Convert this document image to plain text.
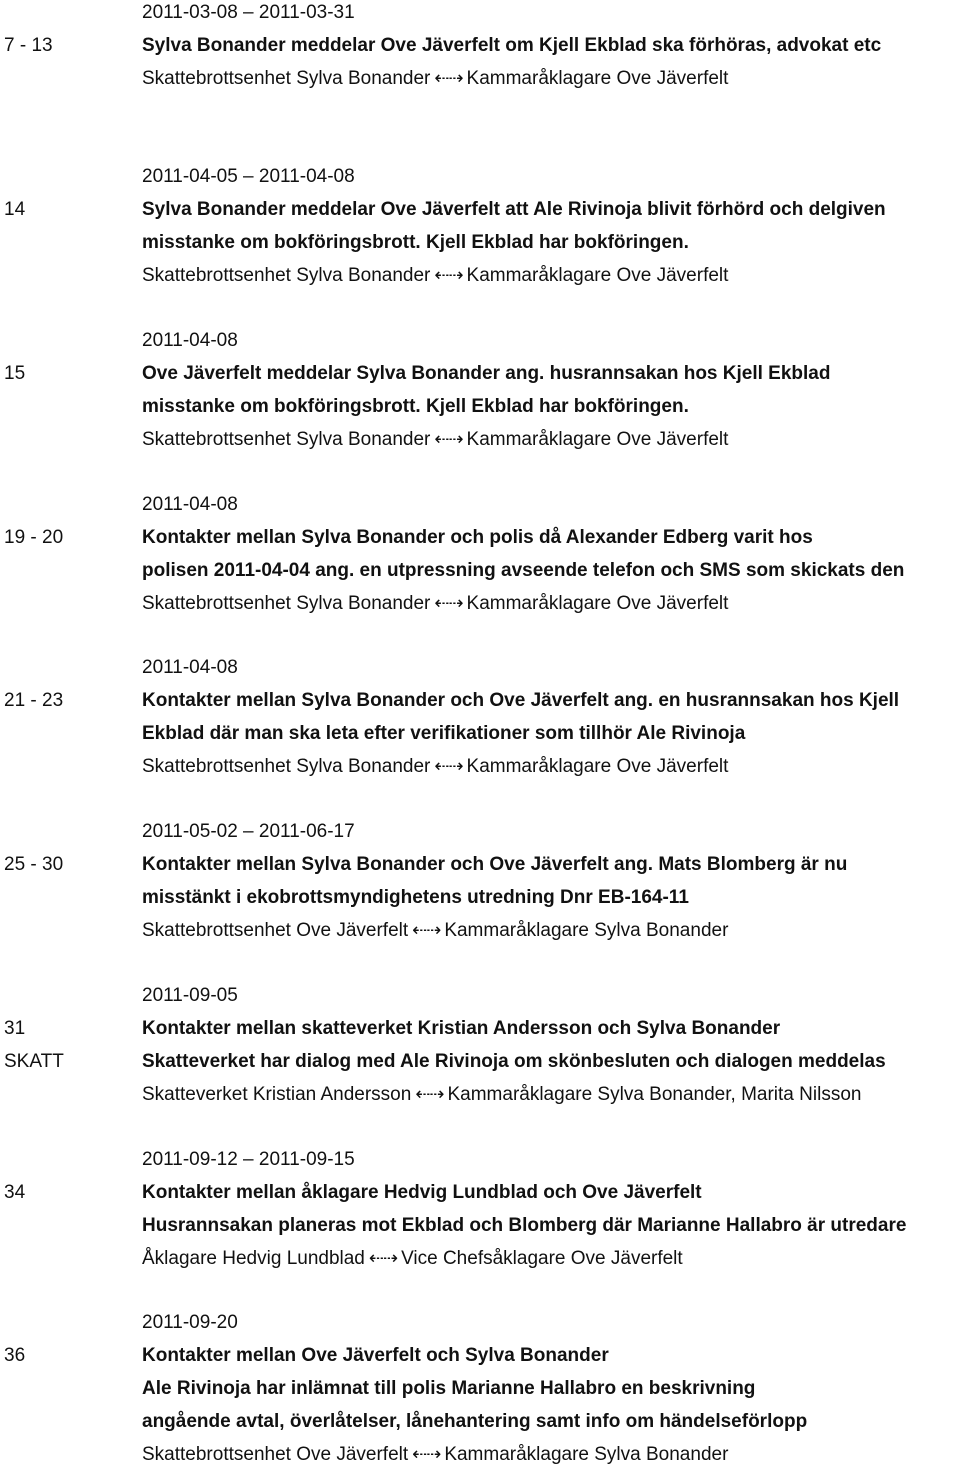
7 - 13
2011-03-08 – 2011-03-31
Sylva Bonander meddelar Ove Jäverfelt om Kjell Ekblad ska förhöras, advokat etc
Skattebrottsenhet Sylva Bonander ⇠⇢ Kammaråklagare Ove Jäverfelt
14
2011-04-05 – 2011-04-08
Sylva Bonander meddelar Ove Jäverfelt att Ale Rivinoja blivit förhörd och delgiven
misstanke om bokföringsbrott. Kjell Ekblad har bokföringen.
Skattebrottsenhet Sylva Bonander ⇠⇢ Kammaråklagare Ove Jäverfelt
15
2011-04-08
Ove Jäverfelt meddelar Sylva Bonander ang. husrannsakan hos Kjell Ekblad
misstanke om bokföringsbrott. Kjell Ekblad har bokföringen.
Skattebrottsenhet Sylva Bonander ⇠⇢ Kammaråklagare Ove Jäverfelt
19 - 20
2011-04-08
Kontakter mellan Sylva Bonander och polis då Alexander Edberg varit hos
polisen 2011-04-04 ang. en utpressning avseende telefon och SMS som skickats den
Skattebrottsenhet Sylva Bonander ⇠⇢ Kammaråklagare Ove Jäverfelt
21 - 23
2011-04-08
Kontakter mellan Sylva Bonander och Ove Jäverfelt ang. en husrannsakan hos Kjell
Ekblad där man ska leta efter verifikationer som tillhör Ale Rivinoja
Skattebrottsenhet Sylva Bonander ⇠⇢ Kammaråklagare Ove Jäverfelt
25 - 30
2011-05-02 – 2011-06-17
Kontakter mellan Sylva Bonander och Ove Jäverfelt ang. Mats Blomberg är nu
misstänkt i ekobrottsmyndighetens utredning Dnr EB-164-11
Skattebrottsenhet Ove Jäverfelt ⇠⇢ Kammaråklagare Sylva Bonander
31
SKATT
2011-09-05
Kontakter mellan skatteverket Kristian Andersson och Sylva Bonander
Skatteverket har dialog med Ale Rivinoja om skönbesluten och dialogen meddelas
Skatteverket Kristian Andersson ⇠⇢ Kammaråklagare Sylva Bonander, Marita Nilsson
34
2011-09-12 – 2011-09-15
Kontakter mellan åklagare Hedvig Lundblad och Ove Jäverfelt
Husrannsakan planeras mot Ekblad och Blomberg där Marianne Hallabro är utredare
Åklagare Hedvig Lundblad ⇠⇢ Vice Chefsåklagare Ove Jäverfelt
36
2011-09-20
Kontakter mellan Ove Jäverfelt och Sylva Bonander
Ale Rivinoja har inlämnat till polis Marianne Hallabro en beskrivning
angående avtal, överlåtelser, lånehantering samt info om händelseförlopp
Skattebrottsenhet Ove Jäverfelt ⇠⇢ Kammaråklagare Sylva Bonander
